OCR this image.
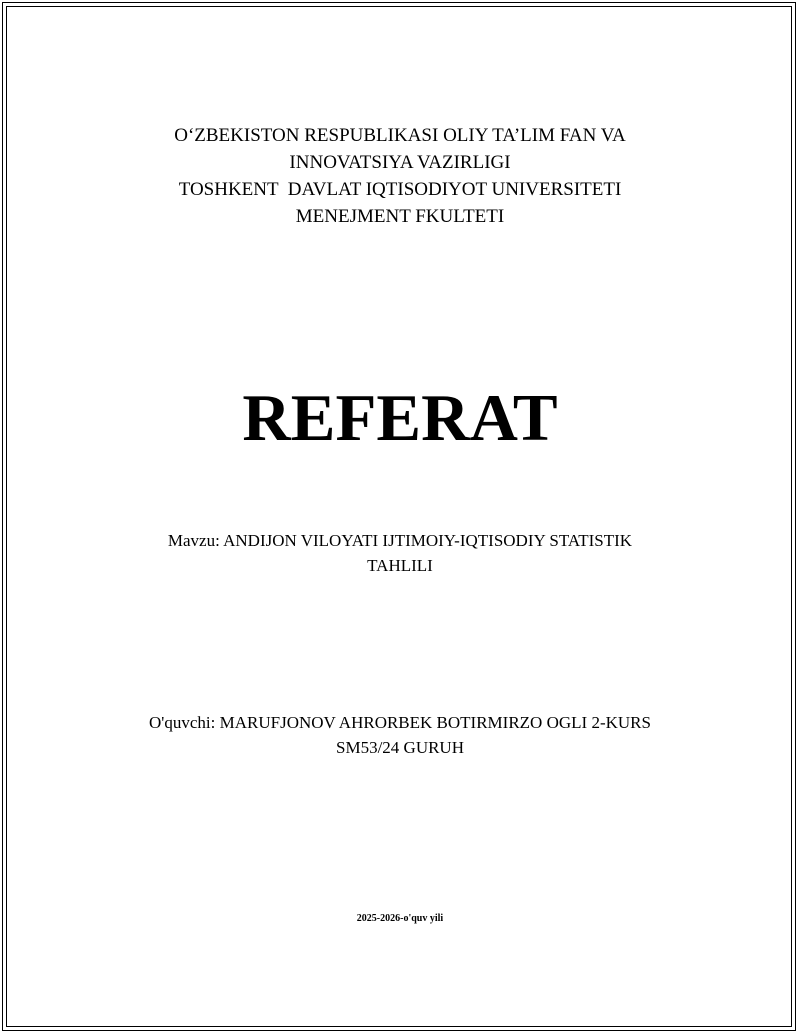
O‘ZBEKISTON RESPUBLIKASI OLIY TA’LIM FAN VA
INNOVATSIYA VAZIRLIGI
TOSHKENT  DAVLAT IQTISODIYOT UNIVERSITETI
MENEJMENT FKULTETI
REFERAT
Mavzu: ANDIJON VILOYATI IJTIMOIY-IQTISODIY STATISTIK
TAHLILI
O'quvchi: MARUFJONOV AHRORBEK BOTIRMIRZO OGLI 2-KURS
SM53/24 GURUH
2025-2026-o'quv yili
